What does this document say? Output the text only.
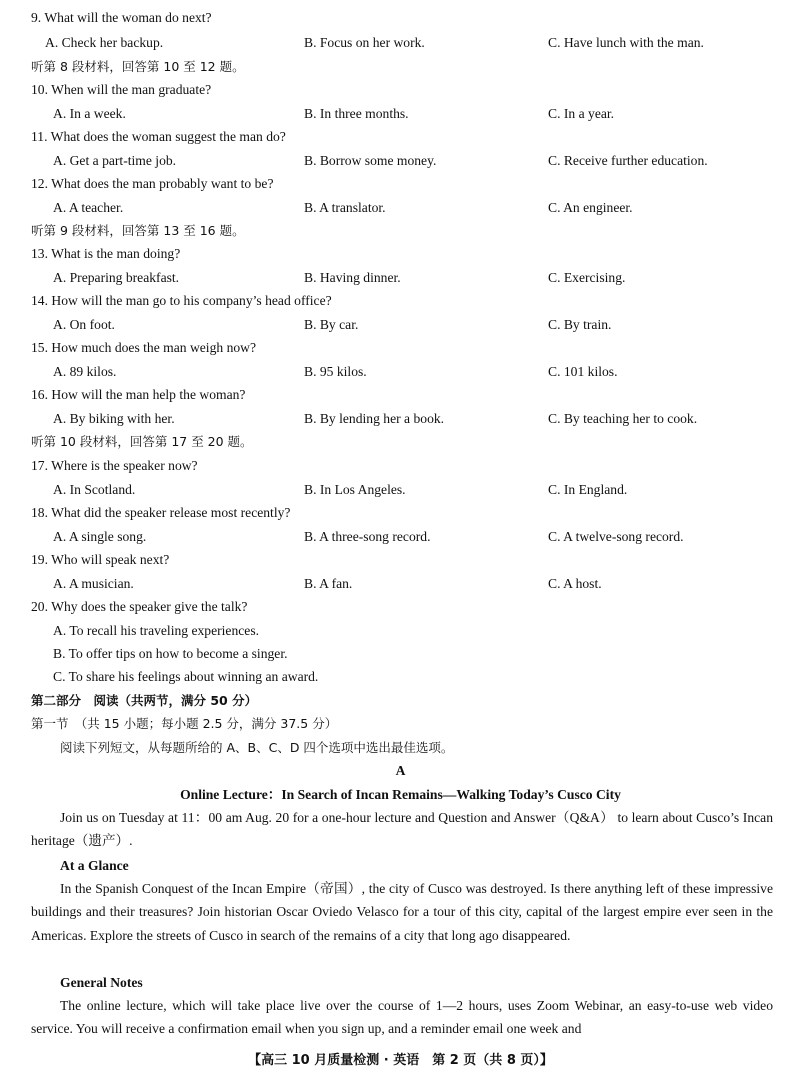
9. What will the woman do next?
A. Check her backup.	B. Focus on her work.	C. Have lunch with the man.
听第 8 段材料，回答第 10 至 12 题。
10. When will the man graduate?
A. In a week.	B. In three months.	C. In a year.
11. What does the woman suggest the man do?
A. Get a part-time job.	B. Borrow some money.	C. Receive further education.
12. What does the man probably want to be?
A. A teacher.	B. A translator.	C. An engineer.
听第 9 段材料，回答第 13 至 16 题。
13. What is the man doing?
A. Preparing breakfast.	B. Having dinner.	C. Exercising.
14. How will the man go to his company’s head office?
A. On foot.	B. By car.	C. By train.
15. How much does the man weigh now?
A. 89 kilos.	B. 95 kilos.	C. 101 kilos.
16. How will the man help the woman?
A. By biking with her.	B. By lending her a book.	C. By teaching her to cook.
听第 10 段材料，回答第 17 至 20 题。
17. Where is the speaker now?
A. In Scotland.	B. In Los Angeles.	C. In England.
18. What did the speaker release most recently?
A. A single song.	B. A three-song record.	C. A twelve-song record.
19. Who will speak next?
A. A musician.	B. A fan.	C. A host.
20. Why does the speaker give the talk?
A. To recall his traveling experiences.
B. To offer tips on how to become a singer.
C. To share his feelings about winning an award.
第二部分　阅读（共两节，满分 50 分）
第一节　（共 15 小题；每小题 2.5 分，满分 37.5 分）
阅读下列短文，从每题所给的 A、B、C、D 四个选项中选出最佳选项。
A
Online Lecture：In Search of Incan Remains—Walking Today’s Cusco City
Join us on Tuesday at 11：00 am Aug. 20 for a one-hour lecture and Question and Answer（Q&A） to learn about Cusco’s Incan heritage（遗产）.
At a Glance
In the Spanish Conquest of the Incan Empire（帝国）, the city of Cusco was destroyed. Is there anything left of these impressive buildings and their treasures? Join historian Oscar Oviedo Velasco for a tour of this city, capital of the largest empire ever seen in the Americas. Explore the streets of Cusco in search of the remains of a city that long ago disappeared.
General Notes
The online lecture, which will take place live over the course of 1—2 hours, uses Zoom Webinar, an easy-to-use web video service. You will receive a confirmation email when you sign up, and a reminder email one week and
【高三 10 月质量检测 · 英语　第 2 页（共 8 页）】
